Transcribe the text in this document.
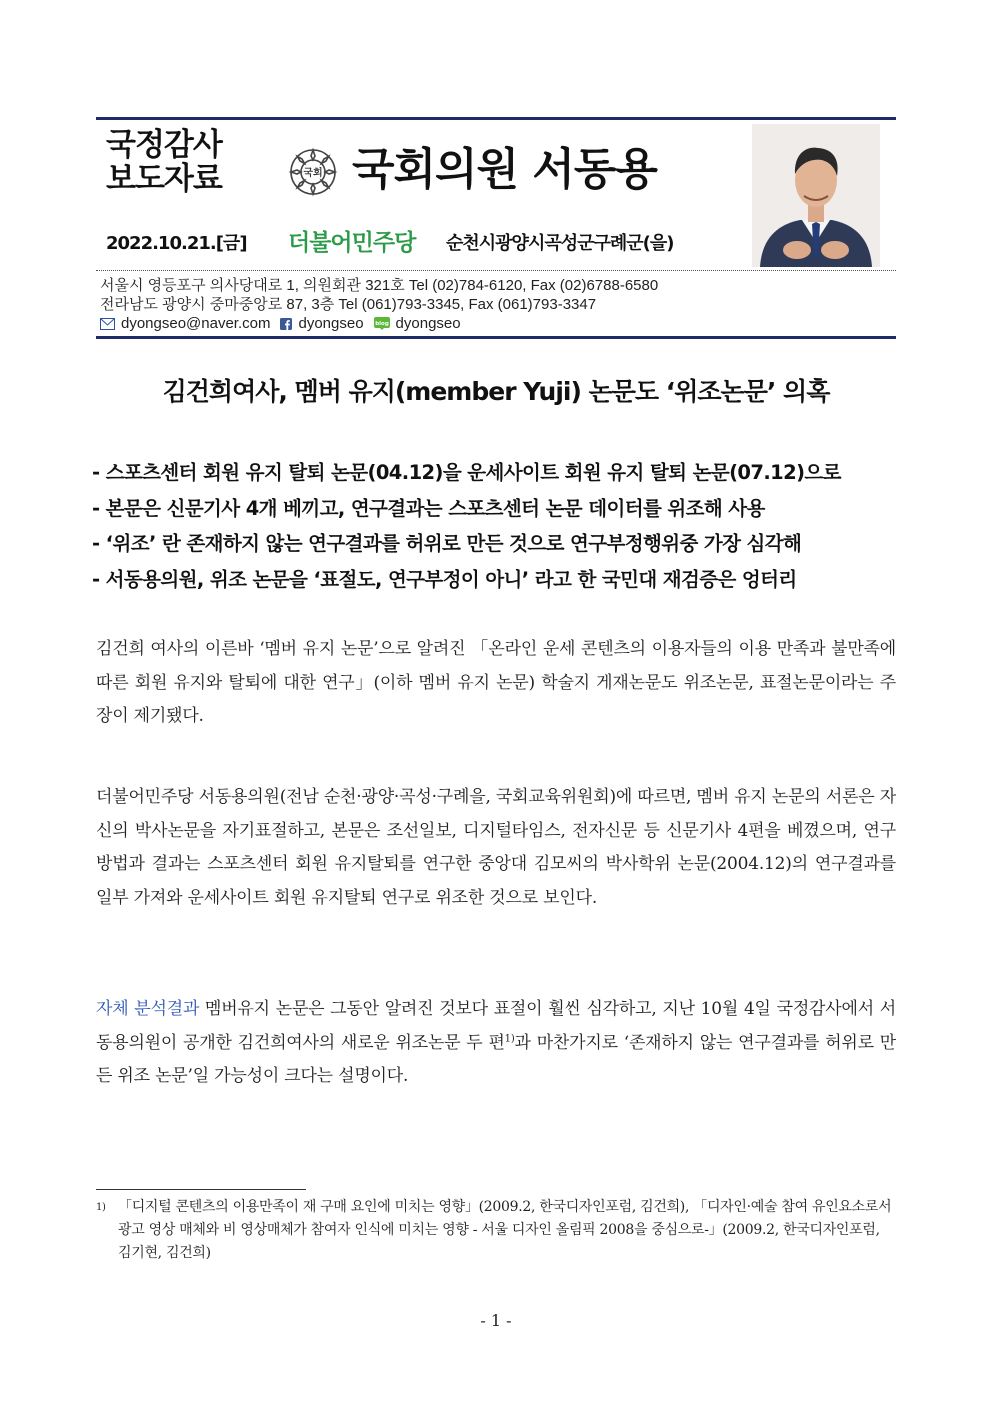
국정감사
보도자료	국회 국회의원 서동용
2022.10.21.[금] 더불어민주당 순천시광양시곡성군구례군(을)
서울시 영등포구 의사당대로 1, 의원회관 321호 Tel (02)784-6120, Fax (02)6788-6580
전라남도 광양시 중마중앙로 87, 3층 Tel (061)793-3345, Fax (061)793-3347
dyongseo@naver.com dyongseo blog dyongseo
김건희여사, 멤버 유지(member Yuji) 논문도 ‘위조논문’ 의혹
- 스포츠센터 회원 유지 탈퇴 논문(04.12)을 운세사이트 회원 유지 탈퇴 논문(07.12)으로
- 본문은 신문기사 4개 베끼고, 연구결과는 스포츠센터 논문 데이터를 위조해 사용
- ‘위조’ 란 존재하지 않는 연구결과를 허위로 만든 것으로 연구부정행위중 가장 심각해
- 서동용의원, 위조 논문을 ‘표절도, 연구부정이 아니’ 라고 한 국민대 재검증은 엉터리
김건희 여사의 이른바 ‘멤버 유지 논문’으로 알려진 「온라인 운세 콘텐츠의 이용자들의 이용 만족과 불만족에 따른 회원 유지와 탈퇴에 대한 연구」(이하 멤버 유지 논문) 학술지 게재논문도 위조논문, 표절논문이라는 주장이 제기됐다.
더불어민주당 서동용의원(전남 순천·광양·곡성·구례을, 국회교육위원회)에 따르면, 멤버 유지 논문의 서론은 자신의 박사논문을 자기표절하고, 본문은 조선일보, 디지털타임스, 전자신문 등 신문기사 4편을 베꼈으며, 연구방법과 결과는 스포츠센터 회원 유지탈퇴를 연구한 중앙대 김모씨의 박사학위 논문(2004.12)의 연구결과를 일부 가져와 운세사이트 회원 유지탈퇴 연구로 위조한 것으로 보인다.
자체 분석결과 멤버유지 논문은 그동안 알려진 것보다 표절이 훨씬 심각하고, 지난 10월 4일 국정감사에서 서동용의원이 공개한 김건희여사의 새로운 위조논문 두 편$^{1)}$과 마찬가지로 ‘존재하지 않는 연구결과를 허위로 만든 위조 논문’일 가능성이 크다는 설명이다.
1) 「디지털 콘텐츠의 이용만족이 재 구매 요인에 미치는 영향」(2009.2, 한국디자인포럼, 김건희), 「디자인·예술 참여 유인요소로서 광고 영상 매체와 비 영상매체가 참여자 인식에 미치는 영향 - 서울 디자인 올림픽 2008을 중심으로-」(2009.2, 한국디자인포럼, 김기현, 김건희)
- 1 -
